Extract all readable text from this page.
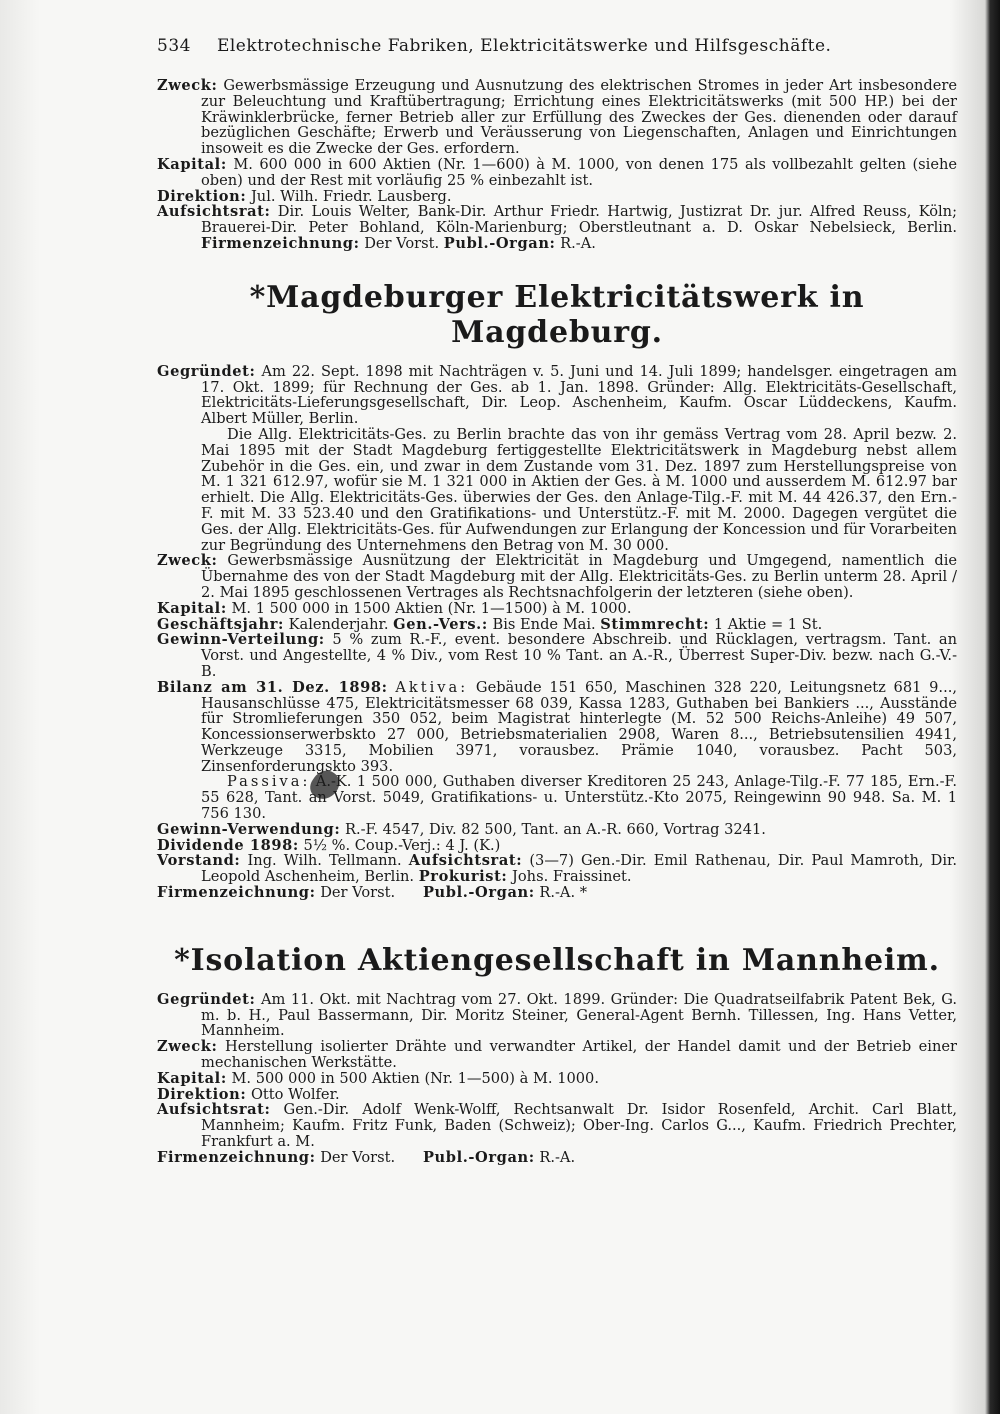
534 Elektrotechnische Fabriken, Elektricitätswerke und Hilfsgeschäfte.

Zweck: Gewerbsmässige Erzeugung und Ausnutzung des elektrischen Stromes in jeder Art insbesondere zur Beleuchtung und Kraftübertragung; Errichtung eines Elektricitätswerks (mit 500 HP.) bei der Kräwinklerbrücke, ferner Betrieb aller zur Erfüllung des Zweckes der Ges. dienenden oder darauf bezüglichen Geschäfte; Erwerb und Veräusserung von Liegenschaften, Anlagen und Einrichtungen insoweit es die Zwecke der Ges. erfordern.

Kapital: M. 600 000 in 600 Aktien (Nr. 1—600) à M. 1000, von denen 175 als vollbezahlt gelten (siehe oben) und der Rest mit vorläufig 25 % einbezahlt ist.

Direktion: Jul. Wilh. Friedr. Lausberg.

Aufsichtsrat: Dir. Louis Welter, Bank-Dir. Arthur Friedr. Hartwig, Justizrat Dr. jur. Alfred Reuss, Köln; Brauerei-Dir. Peter Bohland, Köln-Marienburg; Oberstleutnant a. D. Oskar Nebelsieck, Berlin. Firmenzeichnung: Der Vorst. Publ.-Organ: R.-A.

*Magdeburger Elektricitätswerk in Magdeburg.

Gegründet: Am 22. Sept. 1898 mit Nachträgen v. 5. Juni und 14. Juli 1899; handelsger. eingetragen am 17. Okt. 1899; für Rechnung der Ges. ab 1. Jan. 1898. Gründer: Allg. Elektricitäts-Gesellschaft, Elektricitäts-Lieferungsgesellschaft, Dir. Leop. Aschenheim, Kaufm. Oscar Lüddeckens, Kaufm. Albert Müller, Berlin.

Die Allg. Elektricitäts-Ges. zu Berlin brachte das von ihr gemäss Vertrag vom 28. April bezw. 2. Mai 1895 mit der Stadt Magdeburg fertiggestellte Elektricitätswerk in Magdeburg nebst allem Zubehör in die Ges. ein, und zwar in dem Zustande vom 31. Dez. 1897 zum Herstellungspreise von M. 1 321 612.97, wofür sie M. 1 321 000 in Aktien der Ges. à M. 1000 und ausserdem M. 612.97 bar erhielt. Die Allg. Elektricitäts-Ges. überwies der Ges. den Anlage-Tilg.-F. mit M. 44 426.37, den Ern.-F. mit M. 33 523.40 und den Gratifikations- und Unterstütz.-F. mit M. 2000. Dagegen vergütet die Ges. der Allg. Elektricitäts-Ges. für Aufwendungen zur Erlangung der Koncession und für Vorarbeiten zur Begründung des Unternehmens den Betrag von M. 30 000.

Zweck: Gewerbsmässige Ausnützung der Elektricität in Magdeburg und Umgegend, namentlich die Übernahme des von der Stadt Magdeburg mit der Allg. Elektricitäts-Ges. zu Berlin unterm 28. April / 2. Mai 1895 geschlossenen Vertrages als Rechtsnachfolgerin der letzteren (siehe oben).

Kapital: M. 1 500 000 in 1500 Aktien (Nr. 1—1500) à M. 1000.

Geschäftsjahr: Kalenderjahr. Gen.-Vers.: Bis Ende Mai. Stimmrecht: 1 Aktie = 1 St.

Gewinn-Verteilung: 5 % zum R.-F., event. besondere Abschreib. und Rücklagen, vertragsm. Tant. an Vorst. und Angestellte, 4 % Div., vom Rest 10 % Tant. an A.-R., Überrest Super-Div. bezw. nach G.-V.-B.

Bilanz am 31. Dez. 1898: Aktiva: Gebäude 151 650, Maschinen 328 220, Leitungsnetz 681 9..., Hausanschlüsse 475, Elektricitätsmesser 68 039, Kassa 1283, Guthaben bei Bankiers ..., Ausstände für Stromlieferungen 350 052, beim Magistrat hinterlegte (M. 52 500 Reichs-Anleihe) 49 507, Koncessionserwerbskto 27 000, Betriebsmaterialien 2908, Waren 8..., Betriebsutensilien 4941, Werkzeuge 3315, Mobilien 3971, vorausbez. Prämie 1040, vorausbez. Pacht 503, Zinsenforderungskto 393.

Passiva: A.-K. 1 500 000, Guthaben diverser Kreditoren 25 243, Anlage-Tilg.-F. 77 185, Ern.-F. 55 628, Tant. an Vorst. 5049, Gratifikations- u. Unterstütz.-Kto 2075, Reingewinn 90 948. Sa. M. 1 756 130.

Gewinn-Verwendung: R.-F. 4547, Div. 82 500, Tant. an A.-R. 660, Vortrag 3241.

Dividende 1898: 5½ %. Coup.-Verj.: 4 J. (K.)

Vorstand: Ing. Wilh. Tellmann. Aufsichtsrat: (3—7) Gen.-Dir. Emil Rathenau, Dir. Paul Mamroth, Dir. Leopold Aschenheim, Berlin. Prokurist: Johs. Fraissinet.

Firmenzeichnung: Der Vorst. Publ.-Organ: R.-A. *

*Isolation Aktiengesellschaft in Mannheim.

Gegründet: Am 11. Okt. mit Nachtrag vom 27. Okt. 1899. Gründer: Die Quadratseilfabrik Patent Bek, G. m. b. H., Paul Bassermann, Dir. Moritz Steiner, General-Agent Bernh. Tillessen, Ing. Hans Vetter, Mannheim.

Zweck: Herstellung isolierter Drähte und verwandter Artikel, der Handel damit und der Betrieb einer mechanischen Werkstätte.

Kapital: M. 500 000 in 500 Aktien (Nr. 1—500) à M. 1000.

Direktion: Otto Wolfer.

Aufsichtsrat: Gen.-Dir. Adolf Wenk-Wolff, Rechtsanwalt Dr. Isidor Rosenfeld, Archit. Carl Blatt, Mannheim; Kaufm. Fritz Funk, Baden (Schweiz); Ober-Ing. Carlos G..., Kaufm. Friedrich Prechter, Frankfurt a. M.

Firmenzeichnung: Der Vorst. Publ.-Organ: R.-A.
